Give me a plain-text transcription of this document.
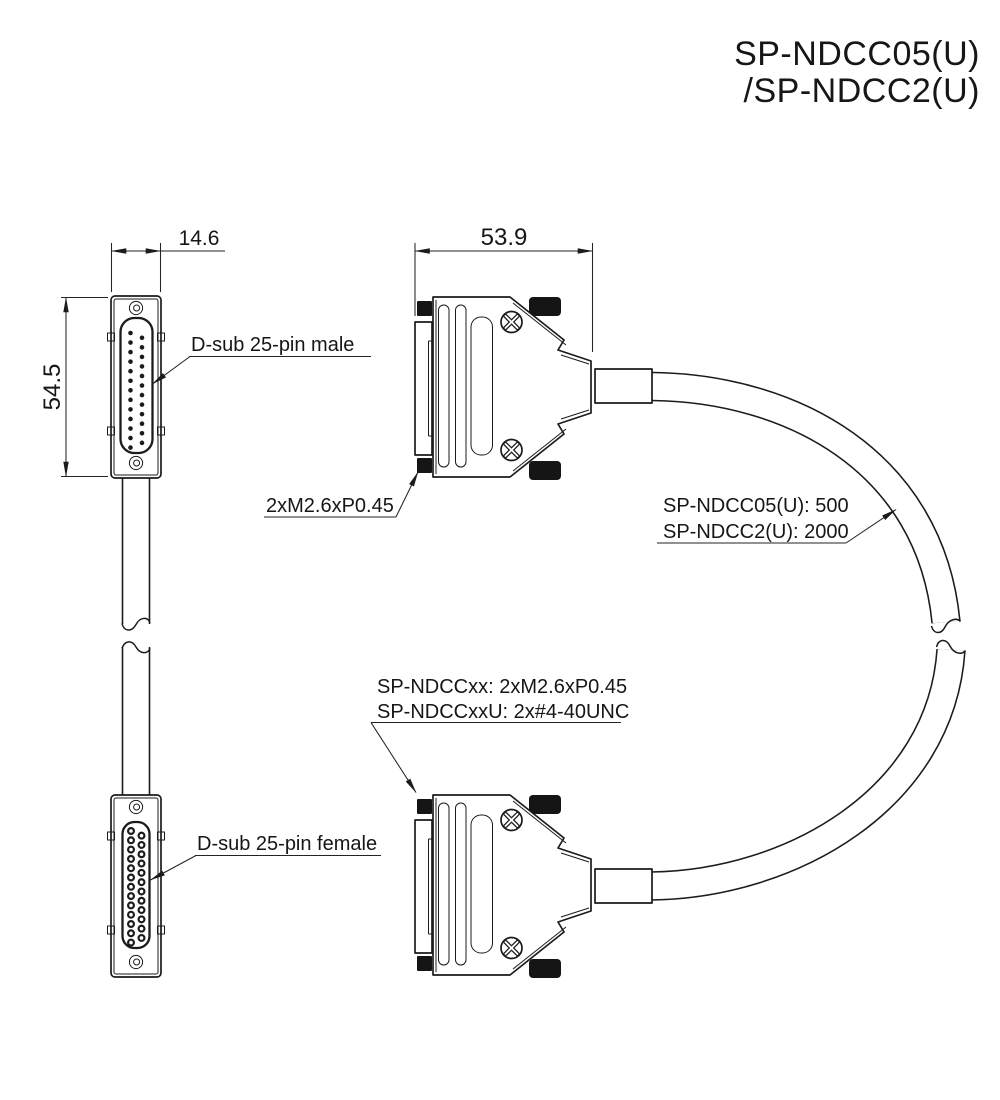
14.6
54.5
53.9
D-sub 25-pin male
2xM2.6xP0.45	SP-NDCC05(U): 500
SP-NDCC2(U): 2000
SP-NDCCxx: 2xM2.6xP0.45
SP-NDCCxxU: 2x#4-40UNC
D-sub 25-pin female
SP-NDCC05(U)
/SP-NDCC2(U)
